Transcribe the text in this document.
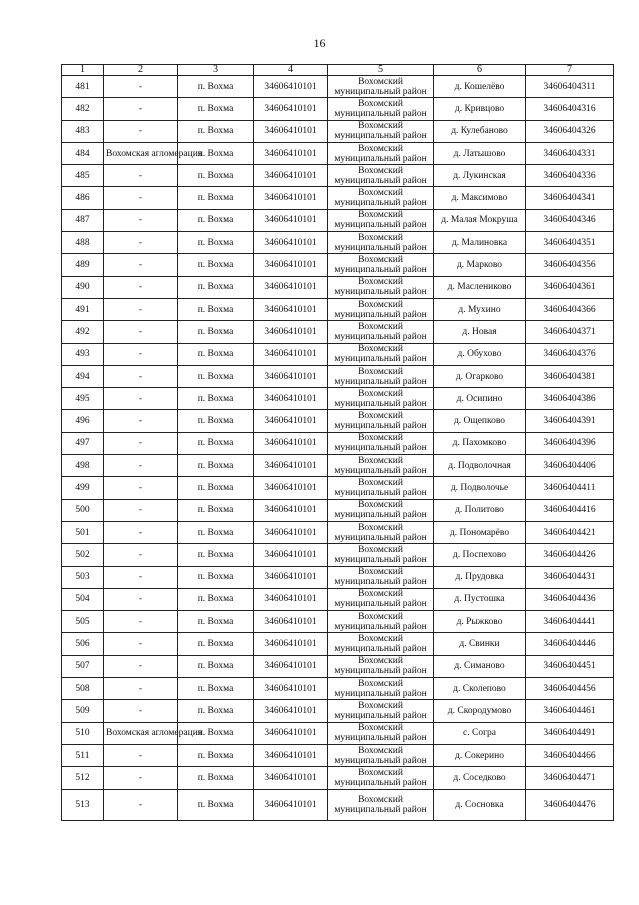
16
1	2	3	4	5	6	7
481	-	п. Вохма	34606410101	Вохомский
муниципальный район	д. Кошелёво	34606404311
482	-	п. Вохма	34606410101	Вохомский
муниципальный район	д. Кривцово	34606404316
483	-	п. Вохма	34606410101	Вохомский
муниципальный район	д. Кулебаново	34606404326
484	Вохомская агломерация	п. Вохма	34606410101	Вохомский
муниципальный район	д. Латышово	34606404331
485	-	п. Вохма	34606410101	Вохомский
муниципальный район	д. Лукинская	34606404336
486	-	п. Вохма	34606410101	Вохомский
муниципальный район	д. Максимово	34606404341
487	-	п. Вохма	34606410101	Вохомский
муниципальный район	д. Малая Мокруша	34606404346
488	-	п. Вохма	34606410101	Вохомский
муниципальный район	д. Малиновка	34606404351
489	-	п. Вохма	34606410101	Вохомский
муниципальный район	д. Марково	34606404356
490	-	п. Вохма	34606410101	Вохомский
муниципальный район	д. Маслениково	34606404361
491	-	п. Вохма	34606410101	Вохомский
муниципальный район	д. Мухино	34606404366
492	-	п. Вохма	34606410101	Вохомский
муниципальный район	д. Новая	34606404371
493	-	п. Вохма	34606410101	Вохомский
муниципальный район	д. Обухово	34606404376
494	-	п. Вохма	34606410101	Вохомский
муниципальный район	д. Огарково	34606404381
495	-	п. Вохма	34606410101	Вохомский
муниципальный район	д. Осипино	34606404386
496	-	п. Вохма	34606410101	Вохомский
муниципальный район	д. Ощепково	34606404391
497	-	п. Вохма	34606410101	Вохомский
муниципальный район	д. Пахомково	34606404396
498	-	п. Вохма	34606410101	Вохомский
муниципальный район	д. Подволочная	34606404406
499	-	п. Вохма	34606410101	Вохомский
муниципальный район	д. Подволочье	34606404411
500	-	п. Вохма	34606410101	Вохомский
муниципальный район	д. Политово	34606404416
501	-	п. Вохма	34606410101	Вохомский
муниципальный район	д. Пономарёво	34606404421
502	-	п. Вохма	34606410101	Вохомский
муниципальный район	д. Поспехово	34606404426
503	-	п. Вохма	34606410101	Вохомский
муниципальный район	д. Прудовка	34606404431
504	-	п. Вохма	34606410101	Вохомский
муниципальный район	д. Пустошка	34606404436
505	-	п. Вохма	34606410101	Вохомский
муниципальный район	д. Рыжково	34606404441
506	-	п. Вохма	34606410101	Вохомский
муниципальный район	д. Свинки	34606404446
507	-	п. Вохма	34606410101	Вохомский
муниципальный район	д. Симаново	34606404451
508	-	п. Вохма	34606410101	Вохомский
муниципальный район	д. Сколепово	34606404456
509	-	п. Вохма	34606410101	Вохомский
муниципальный район	д. Скородумово	34606404461
510	Вохомская агломерация	п. Вохма	34606410101	Вохомский
муниципальный район	с. Согра	34606404491
511	-	п. Вохма	34606410101	Вохомский
муниципальный район	д. Сокерино	34606404466
512	-	п. Вохма	34606410101	Вохомский
муниципальный район	д. Соседково	34606404471
513	-	п. Вохма	34606410101	Вохомский
муниципальный район	д. Сосновка	34606404476
